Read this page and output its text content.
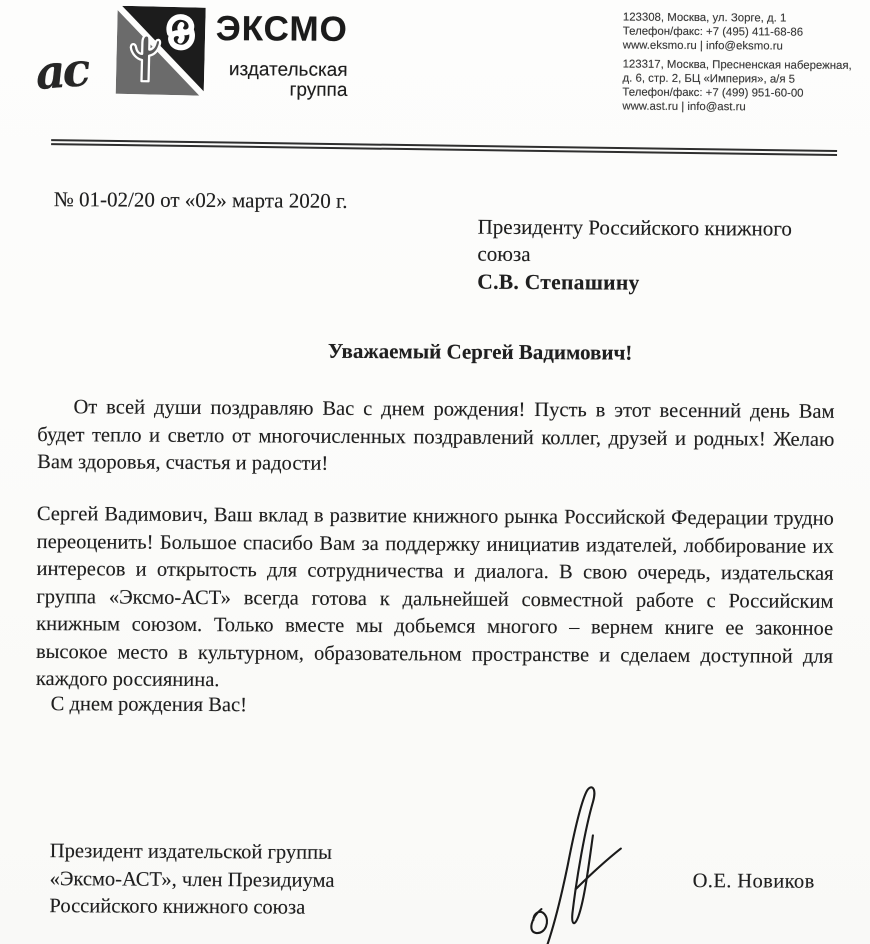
ас
ЭКСМО
издательская
группа
123308, Москва, ул. Зорге, д. 1
Телефон/факс: +7 (495) 411-68-86
www.eksmo.ru | info@eksmo.ru
123317, Москва, Пресненская набережная,
д. 6, стр. 2, БЦ «Империя», а/я 5
Телефон/факс: +7 (499) 951-60-00
www.ast.ru | info@ast.ru
№ 01-02/20 от «02» марта 2020 г.
Президенту Российского книжного союза
С.В. Степашину
Уважаемый Сергей Вадимович!

От всей души поздравляю Вас с днем рождения! Пусть в этот весенний день Вам будет тепло и светло от многочисленных поздравлений коллег, друзей и родных! Желаю Вам здоровья, счастья и радости!

Сергей Вадимович, Ваш вклад в развитие книжного рынка Российской Федерации трудно переоценить! Большое спасибо Вам за поддержку инициатив издателей, лоббирование их интересов и открытость для сотрудничества и диалога. В свою очередь, издательская группа «Эксмо-АСТ» всегда готова к дальнейшей совместной работе с Российским книжным союзом. Только вместе мы добьемся многого – вернем книге ее законное высокое место в культурном, образовательном пространстве и сделаем доступной для каждого россиянина.

С днем рождения Вас!
Президент издательской группы
«Эксмо-АСТ», член Президиума
Российского книжного союза
О.Е. Новиков
